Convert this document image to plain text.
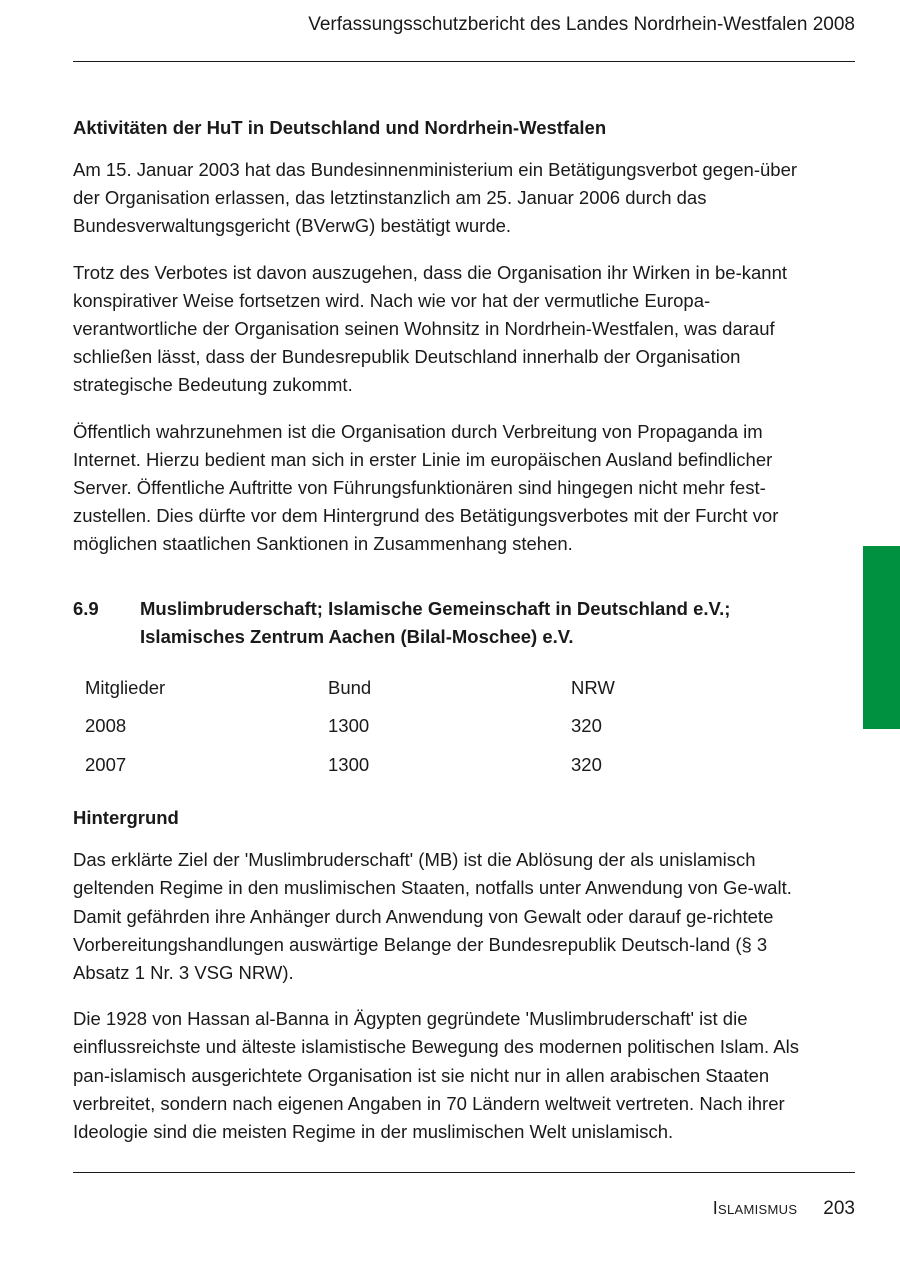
Verfassungsschutzbericht des Landes Nordrhein-Westfalen 2008
Aktivitäten der HuT in Deutschland und Nordrhein-Westfalen

Am 15. Januar 2003 hat das Bundesinnenministerium ein Betätigungsverbot gegen-über der Organisation erlassen, das letztinstanzlich am 25. Januar 2006 durch das Bundesverwaltungsgericht (BVerwG) bestätigt wurde.

Trotz des Verbotes ist davon auszugehen, dass die Organisation ihr Wirken in be-kannt konspirativer Weise fortsetzen wird. Nach wie vor hat der vermutliche Europa-verantwortliche der Organisation seinen Wohnsitz in Nordrhein-Westfalen, was darauf schließen lässt, dass der Bundesrepublik Deutschland innerhalb der Organisation strategische Bedeutung zukommt.

Öffentlich wahrzunehmen ist die Organisation durch Verbreitung von Propaganda im Internet. Hierzu bedient man sich in erster Linie im europäischen Ausland befindlicher Server. Öffentliche Auftritte von Führungsfunktionären sind hingegen nicht mehr fest-zustellen. Dies dürfte vor dem Hintergrund des Betätigungsverbotes mit der Furcht vor möglichen staatlichen Sanktionen in Zusammenhang stehen.

6.9	Muslimbruderschaft; Islamische Gemeinschaft in Deutschland e.V.;
Islamisches Zentrum Aachen (Bilal-Moschee) e.V.
Mitglieder	Bund	NRW
2008	1300	320
2007	1300	320
Hintergrund

Das erklärte Ziel der 'Muslimbruderschaft' (MB) ist die Ablösung der als unislamisch geltenden Regime in den muslimischen Staaten, notfalls unter Anwendung von Ge-walt. Damit gefährden ihre Anhänger durch Anwendung von Gewalt oder darauf ge-richtete Vorbereitungshandlungen auswärtige Belange der Bundesrepublik Deutsch-land (§ 3 Absatz 1 Nr. 3 VSG NRW).

Die 1928 von Hassan al-Banna in Ägypten gegründete 'Muslimbruderschaft' ist die einflussreichste und älteste islamistische Bewegung des modernen politischen Islam. Als pan-islamisch ausgerichtete Organisation ist sie nicht nur in allen arabischen Staaten verbreitet, sondern nach eigenen Angaben in 70 Ländern weltweit vertreten. Nach ihrer Ideologie sind die meisten Regime in der muslimischen Welt unislamisch.

Islamismus 203
